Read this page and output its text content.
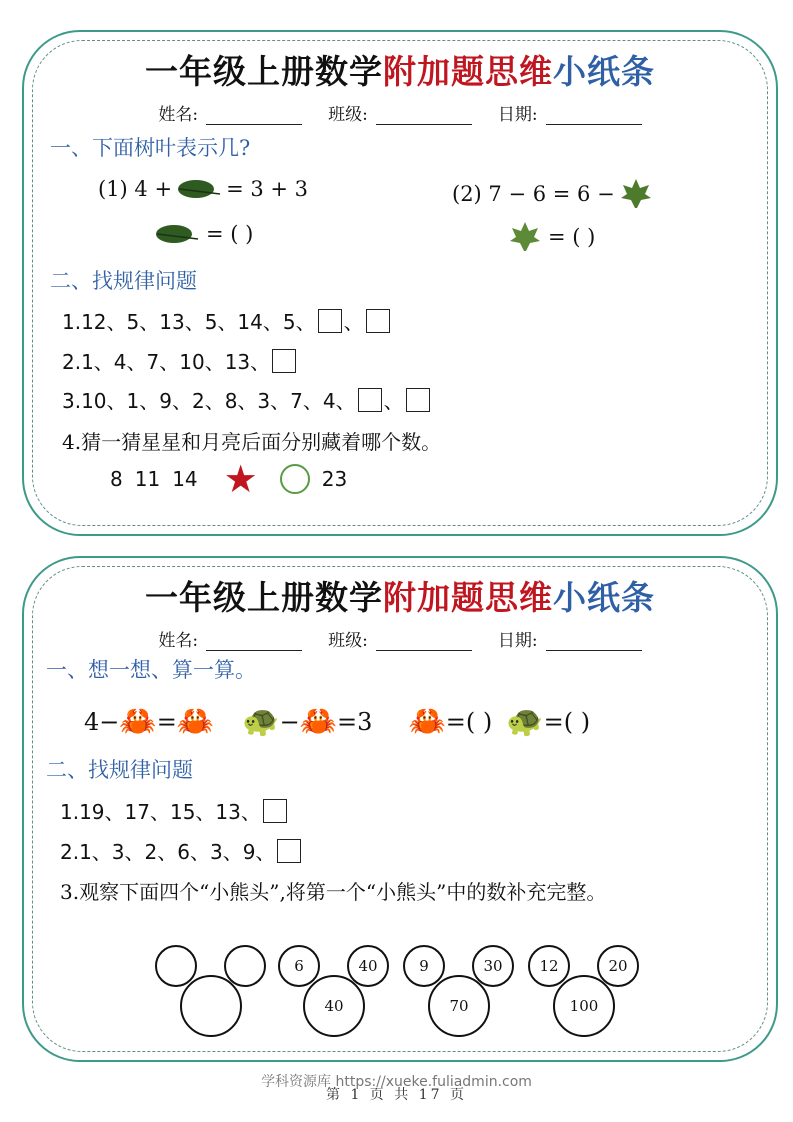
一年级上册数学附加题思维小纸条
姓名:	班级:	日期:
一、下面树叶表示几?
(1) 4 +	= 3 + 3
= ( )
(2) 7 − 6 = 6 −
= ( )
二、找规律问题
1.12、5、13、5、14、5、 、
2.1、4、7、10、13、
3.10、1、9、2、8、3、7、4、 、
4.猜一猜星星和月亮后面分别藏着哪个数。
8 11 14 ★	23
一年级上册数学附加题思维小纸条
姓名:	班级:	日期:
一、想一想、算一算。
4− 🦀 = 🦀 🐢 − 🦀 =3 🦀 =( ) 🐢 =( )
二、找规律问题
1.19、17、15、13、
2.1、3、2、6、3、9、
3.观察下面四个“小熊头”,将第一个“小熊头”中的数补充完整。
6	40
40
9	30
70
12	20
100
学科资源库 https://xueke.fuliadmin.com
第 1 页 共 17 页
